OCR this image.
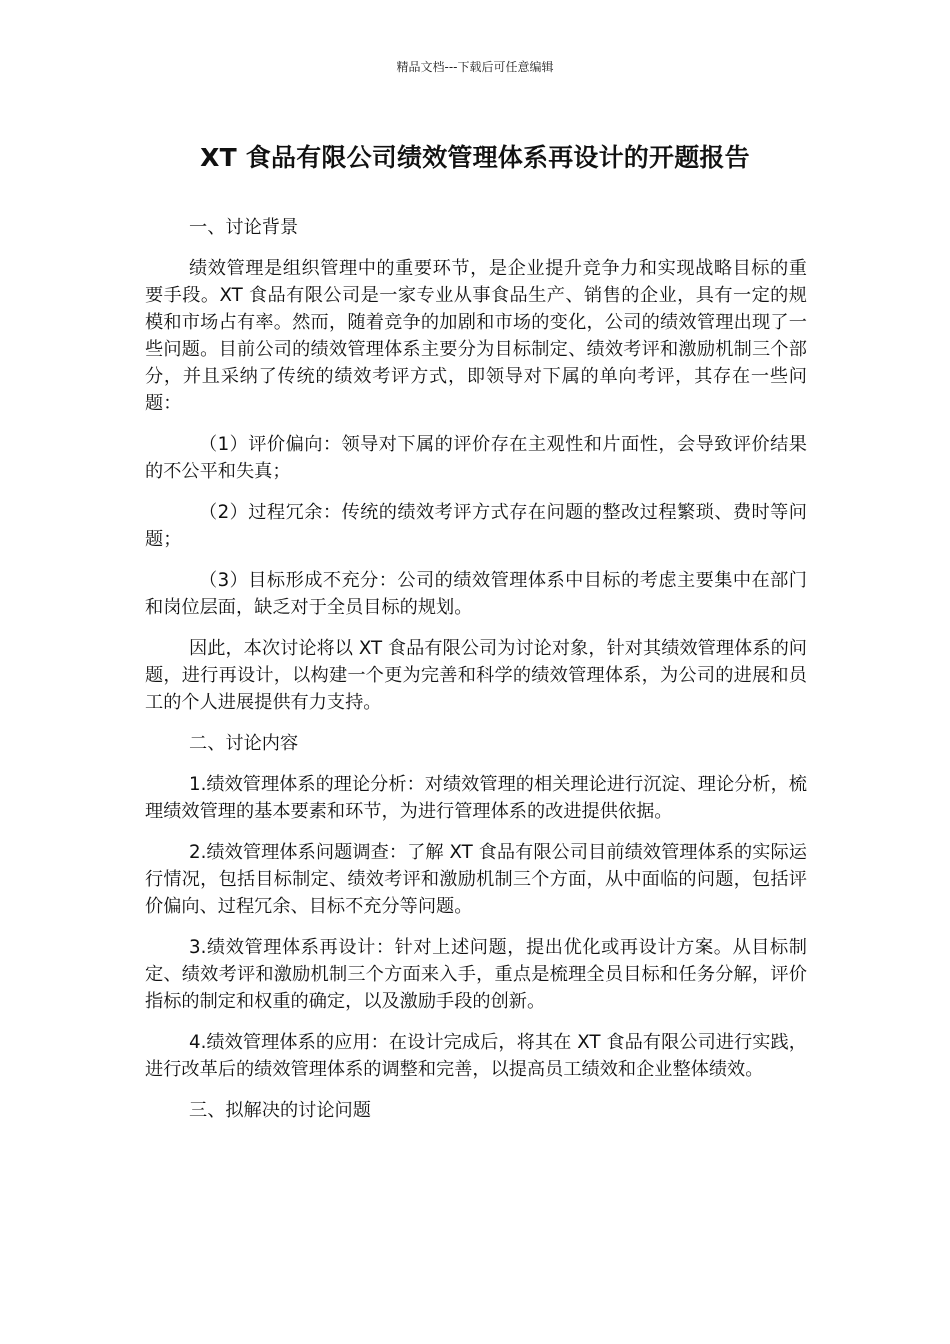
精品文档---下载后可任意编辑
XT 食品有限公司绩效管理体系再设计的开题报告

一、讨论背景

绩效管理是组织管理中的重要环节，是企业提升竞争力和实现战略目标的重要手段。XT 食品有限公司是一家专业从事食品生产、销售的企业，具有一定的规模和市场占有率。然而，随着竞争的加剧和市场的变化，公司的绩效管理出现了一些问题。目前公司的绩效管理体系主要分为目标制定、绩效考评和激励机制三个部分，并且采纳了传统的绩效考评方式，即领导对下属的单向考评，其存在一些问题：

（1）评价偏向：领导对下属的评价存在主观性和片面性，会导致评价结果的不公平和失真；

（2）过程冗余：传统的绩效考评方式存在问题的整改过程繁琐、费时等问题；

（3）目标形成不充分：公司的绩效管理体系中目标的考虑主要集中在部门和岗位层面，缺乏对于全员目标的规划。

因此，本次讨论将以 XT 食品有限公司为讨论对象，针对其绩效管理体系的问题，进行再设计，以构建一个更为完善和科学的绩效管理体系，为公司的进展和员工的个人进展提供有力支持。

二、讨论内容

1.绩效管理体系的理论分析：对绩效管理的相关理论进行沉淀、理论分析，梳理绩效管理的基本要素和环节，为进行管理体系的改进提供依据。

2.绩效管理体系问题调查：了解 XT 食品有限公司目前绩效管理体系的实际运行情况，包括目标制定、绩效考评和激励机制三个方面，从中面临的问题，包括评价偏向、过程冗余、目标不充分等问题。

3.绩效管理体系再设计：针对上述问题，提出优化或再设计方案。从目标制定、绩效考评和激励机制三个方面来入手，重点是梳理全员目标和任务分解，评价指标的制定和权重的确定，以及激励手段的创新。

4.绩效管理体系的应用：在设计完成后，将其在 XT 食品有限公司进行实践，进行改革后的绩效管理体系的调整和完善，以提高员工绩效和企业整体绩效。

三、拟解决的讨论问题
